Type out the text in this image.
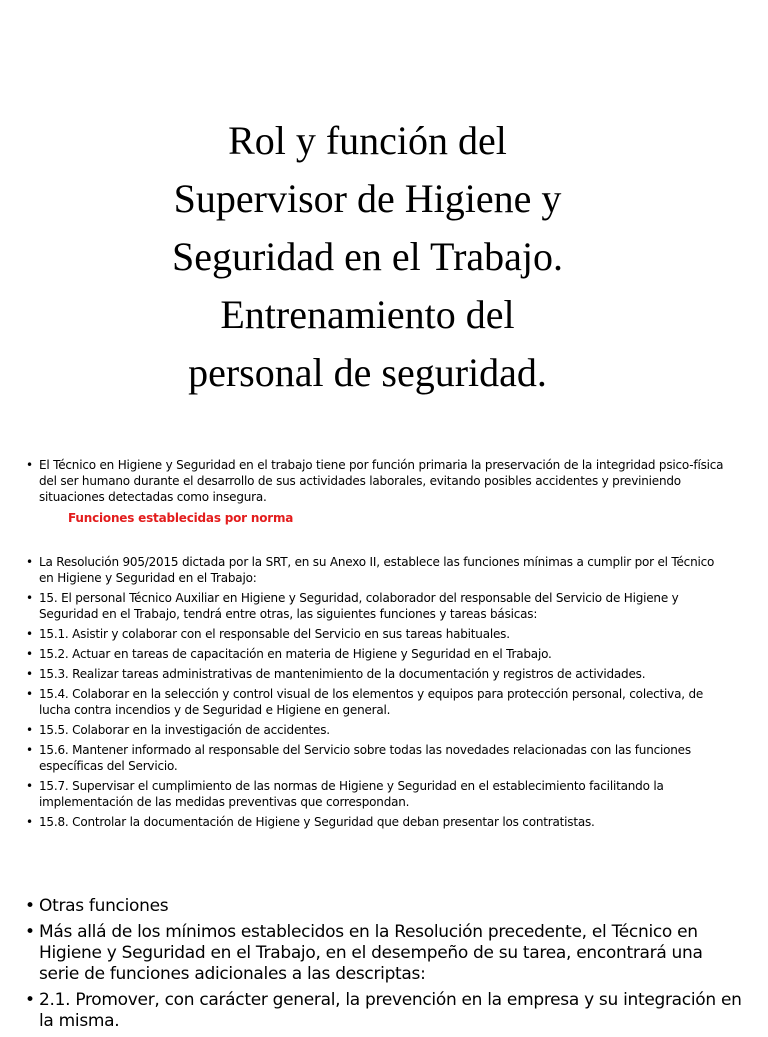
Rol y función del
Supervisor de Higiene y
Seguridad en el Trabajo.
Entrenamiento del
personal de seguridad.
• El Técnico en Higiene y Seguridad en el trabajo tiene por función primaria la preservación de la integridad psico-física del ser humano durante el desarrollo de sus actividades laborales, evitando posibles accidentes y previniendo situaciones detectadas como insegura.
Funciones establecidas por norma
• La Resolución 905/2015 dictada por la SRT, en su Anexo II, establece las funciones mínimas a cumplir por el Técnico en Higiene y Seguridad en el Trabajo:
• 15. El personal Técnico Auxiliar en Higiene y Seguridad, colaborador del responsable del Servicio de Higiene y Seguridad en el Trabajo, tendrá entre otras, las siguientes funciones y tareas básicas:
• 15.1. Asistir y colaborar con el responsable del Servicio en sus tareas habituales.
• 15.2. Actuar en tareas de capacitación en materia de Higiene y Seguridad en el Trabajo.
• 15.3. Realizar tareas administrativas de mantenimiento de la documentación y registros de actividades.
• 15.4. Colaborar en la selección y control visual de los elementos y equipos para protección personal, colectiva, de lucha contra incendios y de Seguridad e Higiene en general.
• 15.5. Colaborar en la investigación de accidentes.
• 15.6. Mantener informado al responsable del Servicio sobre todas las novedades relacionadas con las funciones específicas del Servicio.
• 15.7. Supervisar el cumplimiento de las normas de Higiene y Seguridad en el establecimiento facilitando la implementación de las medidas preventivas que correspondan.
• 15.8. Controlar la documentación de Higiene y Seguridad que deban presentar los contratistas.
• Otras funciones
• Más allá de los mínimos establecidos en la Resolución precedente, el Técnico en Higiene y Seguridad en el Trabajo, en el desempeño de su tarea, encontrará una serie de funciones adicionales a las descriptas:
• 2.1. Promover, con carácter general, la prevención en la empresa y su integración en la misma.
